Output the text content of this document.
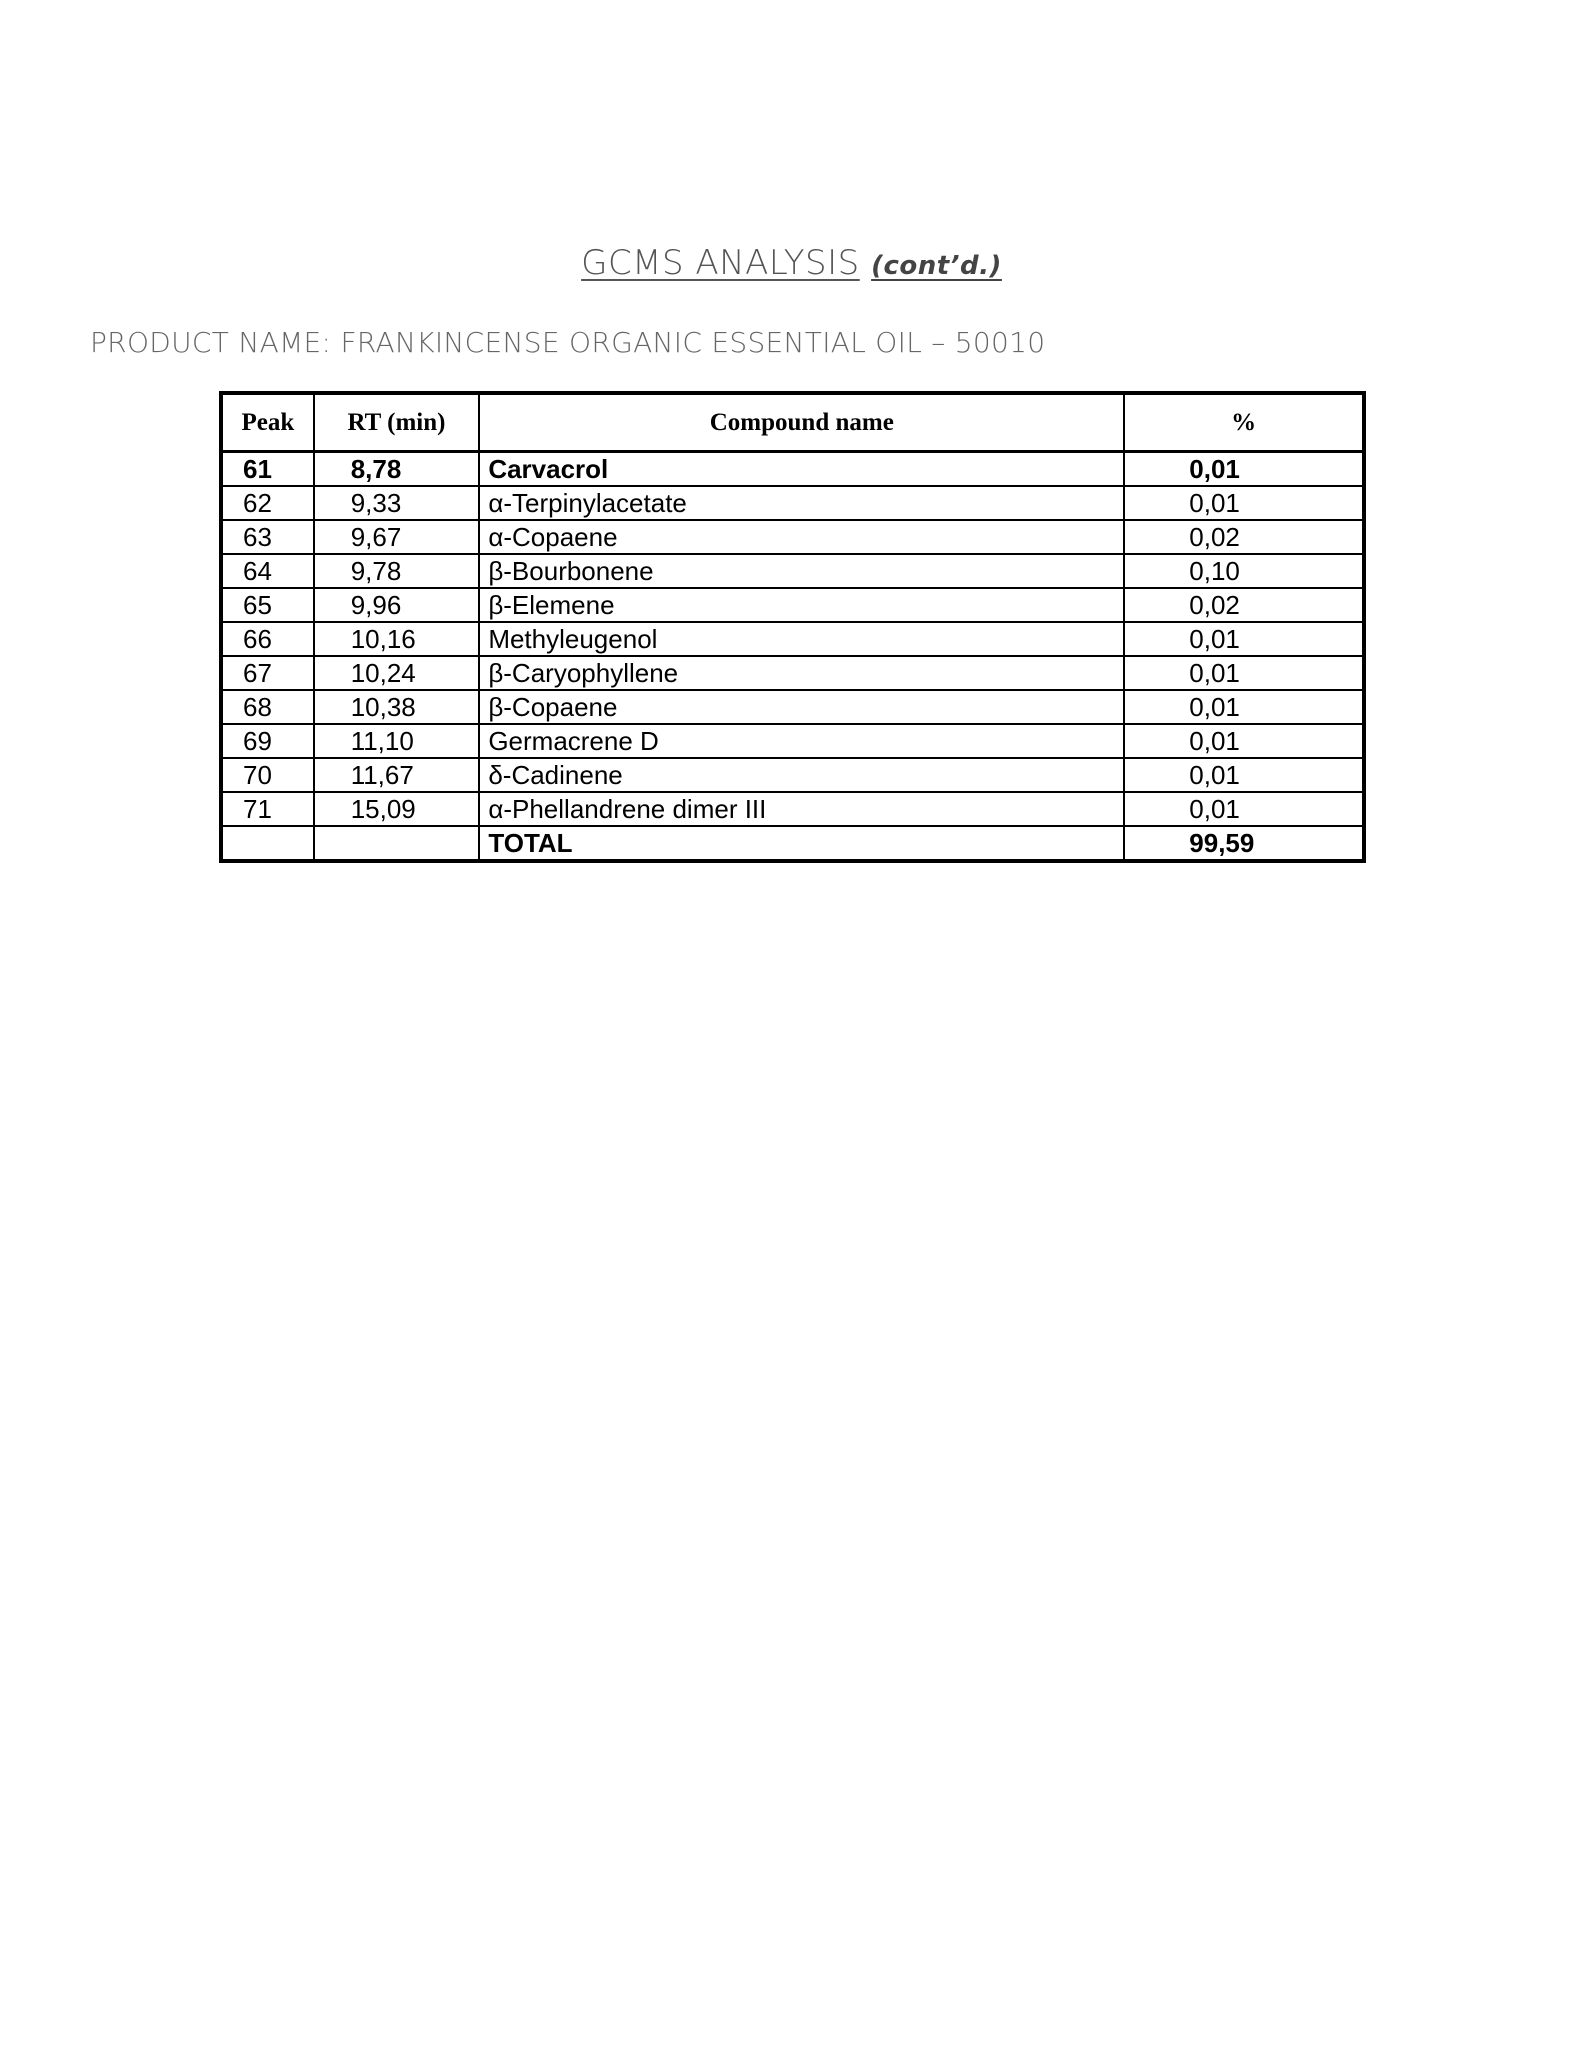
GCMS ANALYSIS (cont’d.)
PRODUCT NAME: FRANKINCENSE ORGANIC ESSENTIAL OIL – 50010
Peak	RT (min)	Compound name	%
61	8,78	Carvacrol	0,01
62	9,33	α-Terpinylacetate	0,01
63	9,67	α-Copaene	0,02
64	9,78	β-Bourbonene	0,10
65	9,96	β-Elemene	0,02
66	10,16	Methyleugenol	0,01
67	10,24	β-Caryophyllene	0,01
68	10,38	β-Copaene	0,01
69	11,10	Germacrene D	0,01
70	11,67	δ-Cadinene	0,01
71	15,09	α-Phellandrene dimer III	0,01
		TOTAL	99,59
